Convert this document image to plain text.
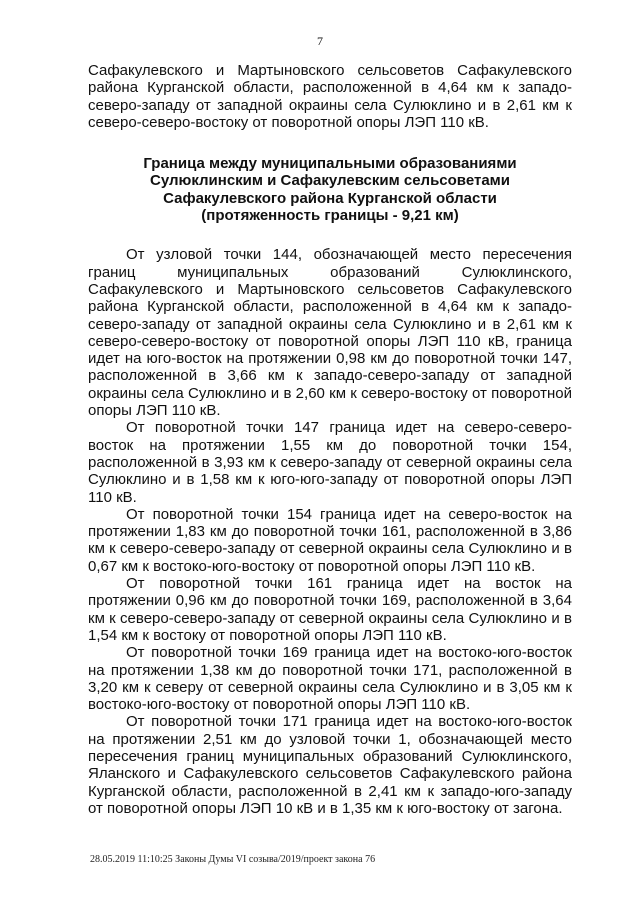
7

Сафакулевского и Мартыновского сельсоветов Сафакулевского района Курганской области, расположенной в 4,64 км к западо-северо-западу от западной окраины села Сулюклино и в 2,61 км к северо-северо-востоку от поворотной опоры ЛЭП 110 кВ.

Граница между муниципальными образованиями
Сулюклинским и Сафакулевским сельсоветами
Сафакулевского района Курганской области
(протяженность границы - 9,21 км)

От узловой точки 144, обозначающей место пересечения границ муниципальных образований Сулюклинского, Сафакулевского и Мартыновского сельсоветов Сафакулевского района Курганской области, расположенной в 4,64 км к западо-северо-западу от западной окраины села Сулюклино и в 2,61 км к северо-северо-востоку от поворотной опоры ЛЭП 110 кВ, граница идет на юго-восток на протяжении 0,98 км до поворотной точки 147, расположенной в 3,66 км к западо-северо-западу от западной окраины села Сулюклино и в 2,60 км к северо-востоку от поворотной опоры ЛЭП 110 кВ.

От поворотной точки 147 граница идет на северо-северо-восток на протяжении 1,55 км до поворотной точки 154, расположенной в 3,93 км к северо-западу от северной окраины села Сулюклино и в 1,58 км к юго-юго-западу от поворотной опоры ЛЭП 110 кВ.

От поворотной точки 154 граница идет на северо-восток на протяжении 1,83 км до поворотной точки 161, расположенной в 3,86 км к северо-северо-западу от северной окраины села Сулюклино и в 0,67 км к востоко-юго-востоку от поворотной опоры ЛЭП 110 кВ.

От поворотной точки 161 граница идет на восток на протяжении 0,96 км до поворотной точки 169, расположенной в 3,64 км к северо-северо-западу от северной окраины села Сулюклино и в 1,54 км к востоку от поворотной опоры ЛЭП 110 кВ.

От поворотной точки 169 граница идет на востоко-юго-восток на протяжении 1,38 км до поворотной точки 171, расположенной в 3,20 км к северу от северной окраины села Сулюклино и в 3,05 км к востоко-юго-востоку от поворотной опоры ЛЭП 110 кВ.

От поворотной точки 171 граница идет на востоко-юго-восток на протяжении 2,51 км до узловой точки 1, обозначающей место пересечения границ муниципальных образований Сулюклинского, Яланского и Сафакулевского сельсоветов Сафакулевского района Курганской области, расположенной в 2,41 км к западо-юго-западу от поворотной опоры ЛЭП 10 кВ и в 1,35 км к юго-востоку от загона.

28.05.2019 11:10:25 Законы Думы VI созыва/2019/проект закона 76
